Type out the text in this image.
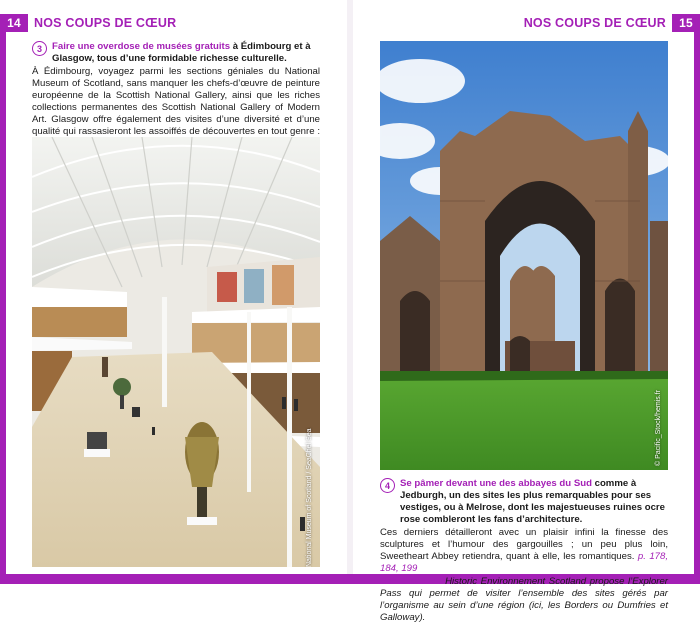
14	NOS COUPS DE CŒUR
3	Faire une overdose de musées gratuits à Édimbourg et à Glasgow, tous d’une formidable richesse culturelle.
À Édimbourg, voyagez parmi les sections géniales du National Museum of Scotland, sans manquer les chefs-d’œuvre de peinture européenne de la Scottish National Gallery, ainsi que les riches collections permanentes des Scottish National Gallery of Modern Art. Glasgow offre également des visites d’une diversité et d’une qualité qui rassasieront les assoiffés de découvertes en tout genre :
National Museum of Scotland / SeaChel Sea
NOS COUPS DE CŒUR	15
© Pacific_Stock/hemis.fr
4	Se pâmer devant une des abbayes du Sud comme à Jedburgh, un des sites les plus remarquables pour ses vestiges, ou à Melrose, dont les majestueuses ruines ocre rose combleront les fans d’architecture.
Ces derniers détailleront avec un plaisir infini la finesse des sculptures et l’humour des gargouilles ; un peu plus loin, Sweetheart Abbey retiendra, quant à elle, les romantiques. p. 178, 184, 199
Bon à savoir : Historic Environnement Scotland propose l’Explorer Pass qui permet de visiter l’ensemble des sites gérés par l’organisme au sein d’une région (ici, les Borders ou Dumfries et Galloway).
